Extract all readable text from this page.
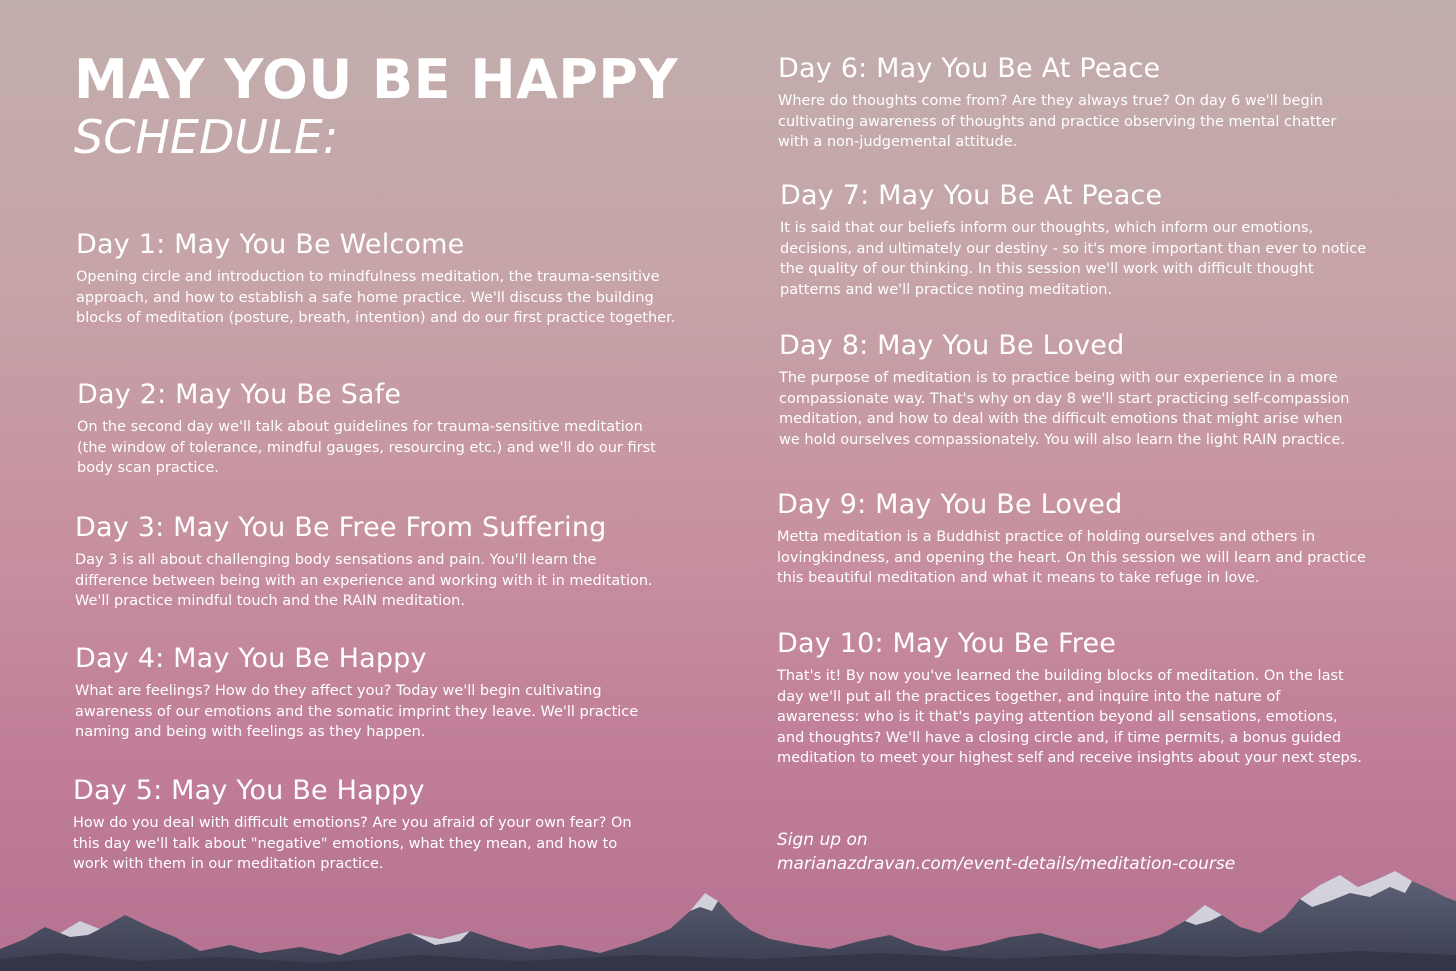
MAY YOU BE HAPPY
SCHEDULE:
Day 1: May You Be Welcome

Opening circle and introduction to mindfulness meditation, the trauma-sensitive approach, and how to establish a safe home practice. We'll discuss the building blocks of meditation (posture, breath, intention) and do our first practice together.

Day 2: May You Be Safe

On the second day we'll talk about guidelines for trauma-sensitive meditation (the window of tolerance, mindful gauges, resourcing etc.) and we'll do our first body scan practice.

Day 3: May You Be Free From Suffering

Day 3 is all about challenging body sensations and pain. You'll learn the difference between being with an experience and working with it in meditation. We'll practice mindful touch and the RAIN meditation.

Day 4: May You Be Happy

What are feelings? How do they affect you? Today we'll begin cultivating awareness of our emotions and the somatic imprint they leave. We'll practice naming and being with feelings as they happen.

Day 5: May You Be Happy

How do you deal with difficult emotions? Are you afraid of your own fear? On this day we'll talk about "negative" emotions, what they mean, and how to work with them in our meditation practice.

Day 6: May You Be At Peace

Where do thoughts come from? Are they always true? On day 6 we'll begin cultivating awareness of thoughts and practice observing the mental chatter with a non-judgemental attitude.

Day 7: May You Be At Peace

It is said that our beliefs inform our thoughts, which inform our emotions, decisions, and ultimately our destiny - so it's more important than ever to notice the quality of our thinking. In this session we'll work with difficult thought patterns and we'll practice noting meditation.

Day 8: May You Be Loved

The purpose of meditation is to practice being with our experience in a more compassionate way. That's why on day 8 we'll start practicing self-compassion meditation, and how to deal with the difficult emotions that might arise when we hold ourselves compassionately. You will also learn the light RAIN practice.

Day 9: May You Be Loved

Metta meditation is a Buddhist practice of holding ourselves and others in lovingkindness, and opening the heart. On this session we will learn and practice this beautiful meditation and what it means to take refuge in love.

Day 10: May You Be Free

That's it! By now you've learned the building blocks of meditation. On the last day we'll put all the practices together, and inquire into the nature of awareness: who is it that's paying attention beyond all sensations, emotions, and thoughts? We'll have a closing circle and, if time permits, a bonus guided meditation to meet your highest self and receive insights about your next steps.

Sign up on
marianazdravan.com/event-details/meditation-course
